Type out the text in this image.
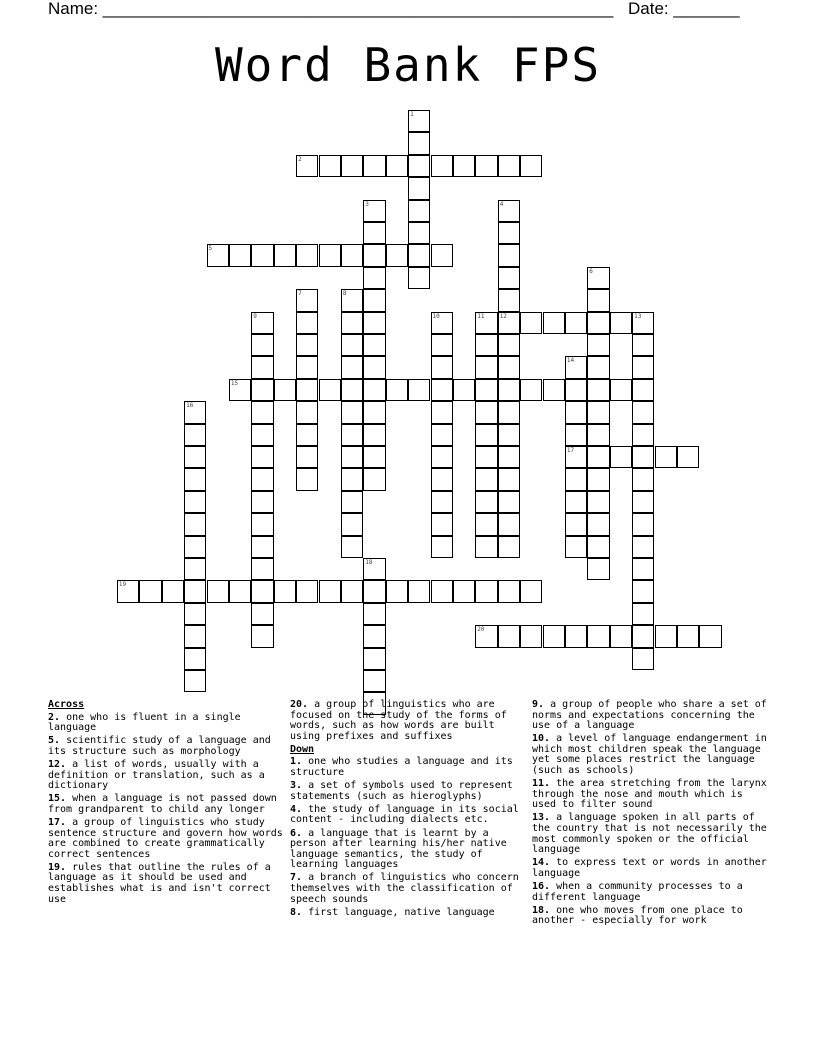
Name: ______________________________________________________ Date: _______
Word Bank FPS
1
2
3	4
12
5
6
7	8
9	10	11	13
14
17
15
16
18
19
20
Across
2. one who is fluent in a single language
5. scientific study of a language and its structure such as morphology
12. a list of words, usually with a definition or translation, such as a dictionary
15. when a language is not passed down from grandparent to child any longer
17. a group of linguistics who study sentence structure and govern how words are combined to create grammatically correct sentences
19. rules that outline the rules of a language as it should be used and establishes what is and isn't correct use
20. a group of linguistics who are focused on the study of the forms of words, such as how words are built using prefixes and suffixes
Down
1. one who studies a language and its structure
3. a set of symbols used to represent statements (such as hieroglyphs)
4. the study of language in its social content - including dialects etc.
6. a language that is learnt by a person after learning his/her native language semantics, the study of learning languages
7. a branch of linguistics who concern themselves with the classification of speech sounds
8. first language, native language
9. a group of people who share a set of norms and expectations concerning the use of a language
10. a level of language endangerment in which most children speak the language yet some places restrict the language (such as schools)
11. the area stretching from the larynx through the nose and mouth which is used to filter sound
13. a language spoken in all parts of the country that is not necessarily the most commonly spoken or the official language
14. to express text or words in another language
16. when a community processes to a different language
18. one who moves from one place to another - especially for work
